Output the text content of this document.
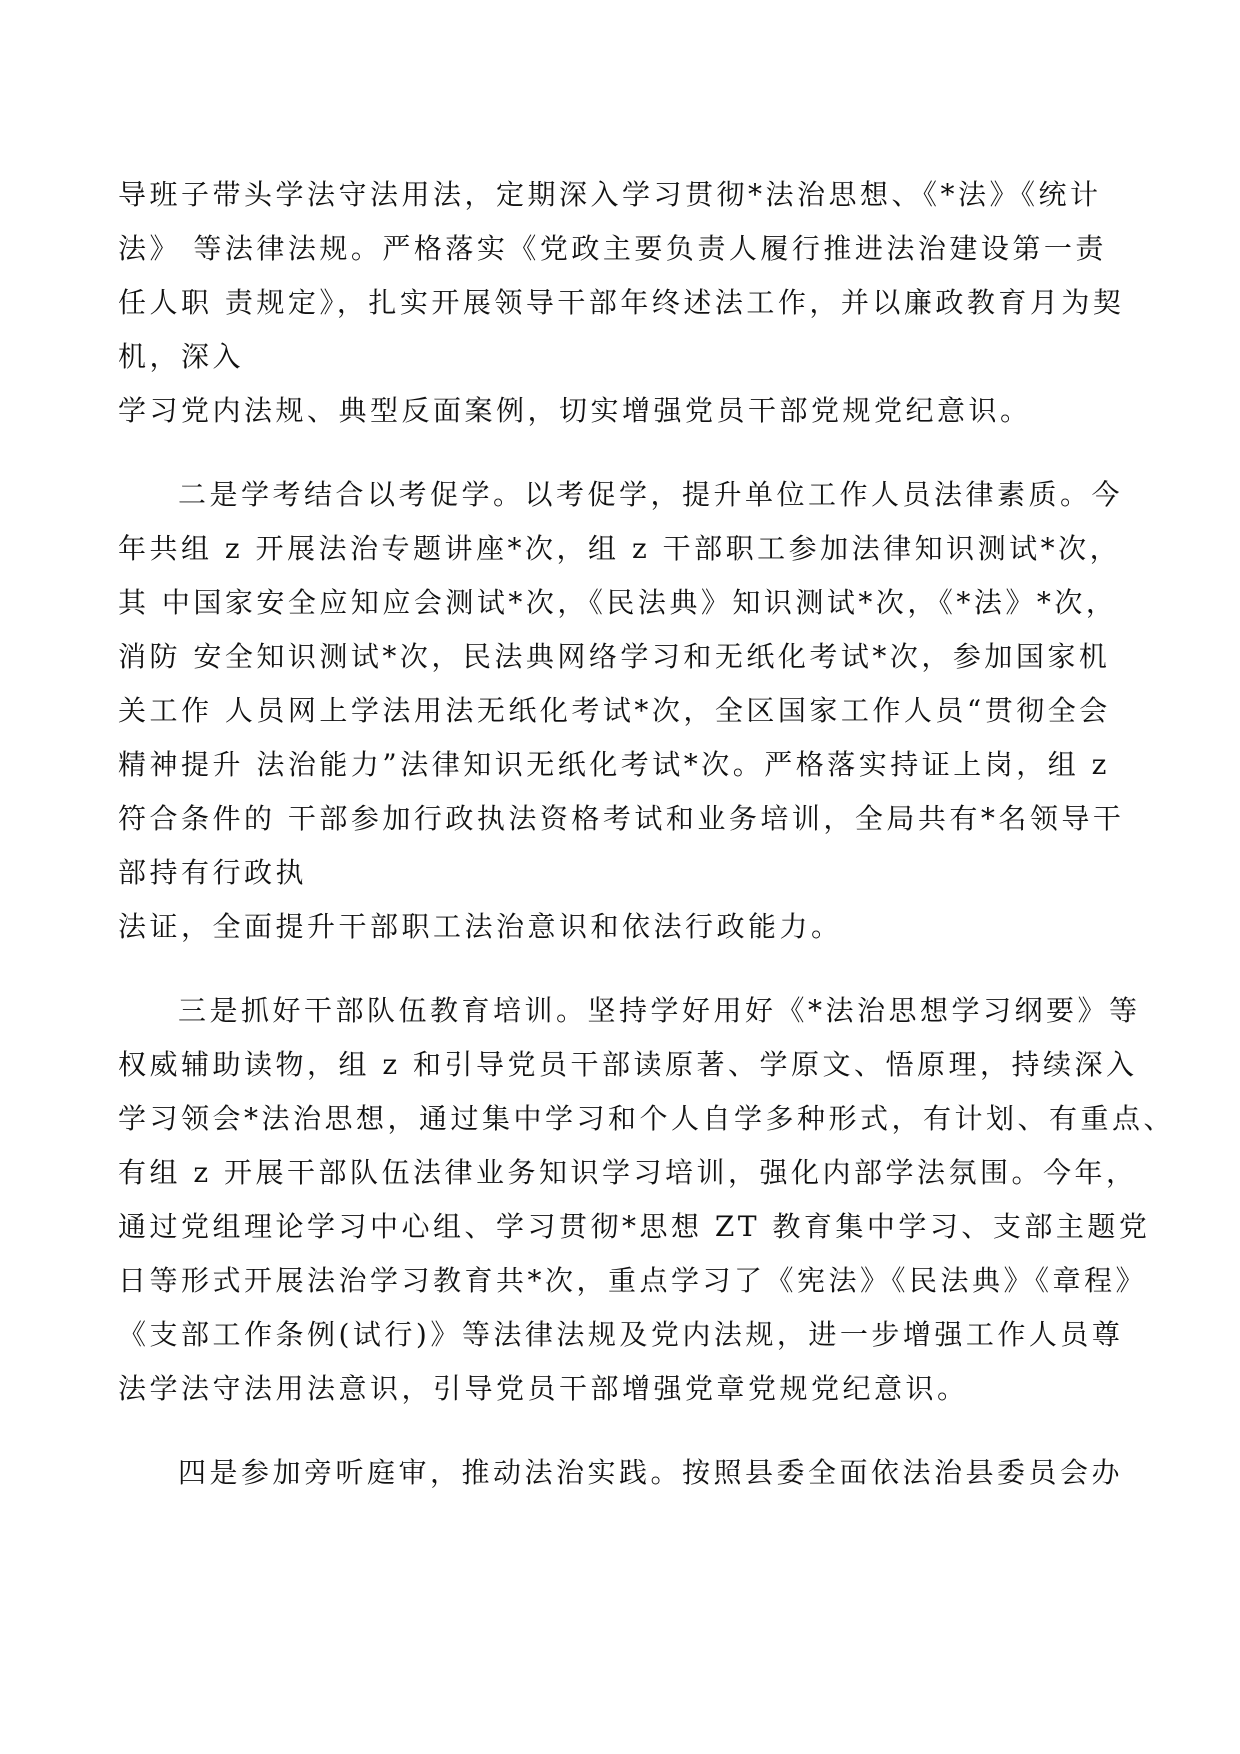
导班子带头学法守法用法，定期深入学习贯彻*法治思想、《*法》《统计
法》 等法律法规。严格落实《党政主要负责人履行推进法治建设第一责
任人职 责规定》，扎实开展领导干部年终述法工作，并以廉政教育月为契
机，深入
学习党内法规、典型反面案例，切实增强党员干部党规党纪意识。
二是学考结合以考促学。以考促学，提升单位工作人员法律素质。今
年共组 z 开展法治专题讲座*次，组 z 干部职工参加法律知识测试*次，
其 中国家安全应知应会测试*次，《民法典》知识测试*次，《*法》*次，
消防 安全知识测试*次，民法典网络学习和无纸化考试*次，参加国家机
关工作 人员网上学法用法无纸化考试*次，全区国家工作人员“贯彻全会
精神提升 法治能力”法律知识无纸化考试*次。严格落实持证上岗，组 z
符合条件的 干部参加行政执法资格考试和业务培训，全局共有*名领导干
部持有行政执
法证，全面提升干部职工法治意识和依法行政能力。
三是抓好干部队伍教育培训。坚持学好用好《*法治思想学习纲要》等
权威辅助读物，组 z 和引导党员干部读原著、学原文、悟原理，持续深入
学习领会*法治思想，通过集中学习和个人自学多种形式，有计划、有重点、
有组 z 开展干部队伍法律业务知识学习培训，强化内部学法氛围。今年，
通过党组理论学习中心组、学习贯彻*思想 ZT 教育集中学习、支部主题党
日等形式开展法治学习教育共*次，重点学习了《宪法》《民法典》《章程》
《支部工作条例(试行)》等法律法规及党内法规，进一步增强工作人员尊
法学法守法用法意识，引导党员干部增强党章党规党纪意识。
四是参加旁听庭审，推动法治实践。按照县委全面依法治县委员会办
